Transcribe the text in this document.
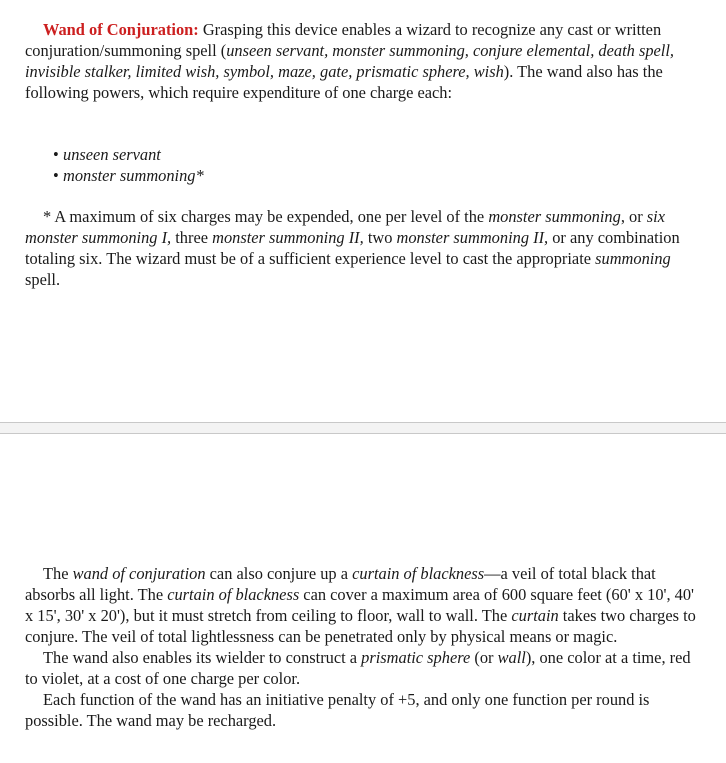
Wand of Conjuration: Grasping this device enables a wizard to recognize any cast or written conjuration/summoning spell (unseen servant, monster summoning, conjure elemental, death spell, invisible stalker, limited wish, symbol, maze, gate, prismatic sphere, wish). The wand also has the following powers, which require expenditure of one charge each:

• unseen servant
• monster summoning*

* A maximum of six charges may be expended, one per level of the monster summoning, or six monster summoning I, three monster summoning II, two monster summoning II, or any combination totaling six. The wizard must be of a sufficient experience level to cast the appropriate summoning spell.

The wand of conjuration can also conjure up a curtain of blackness—a veil of total black that absorbs all light. The curtain of blackness can cover a maximum area of 600 square feet (60' x 10', 40' x 15', 30' x 20'), but it must stretch from ceiling to floor, wall to wall. The curtain takes two charges to conjure. The veil of total lightlessness can be penetrated only by physical means or magic.

The wand also enables its wielder to construct a prismatic sphere (or wall), one color at a time, red to violet, at a cost of one charge per color.

Each function of the wand has an initiative penalty of +5, and only one function per round is possible. The wand may be recharged.
